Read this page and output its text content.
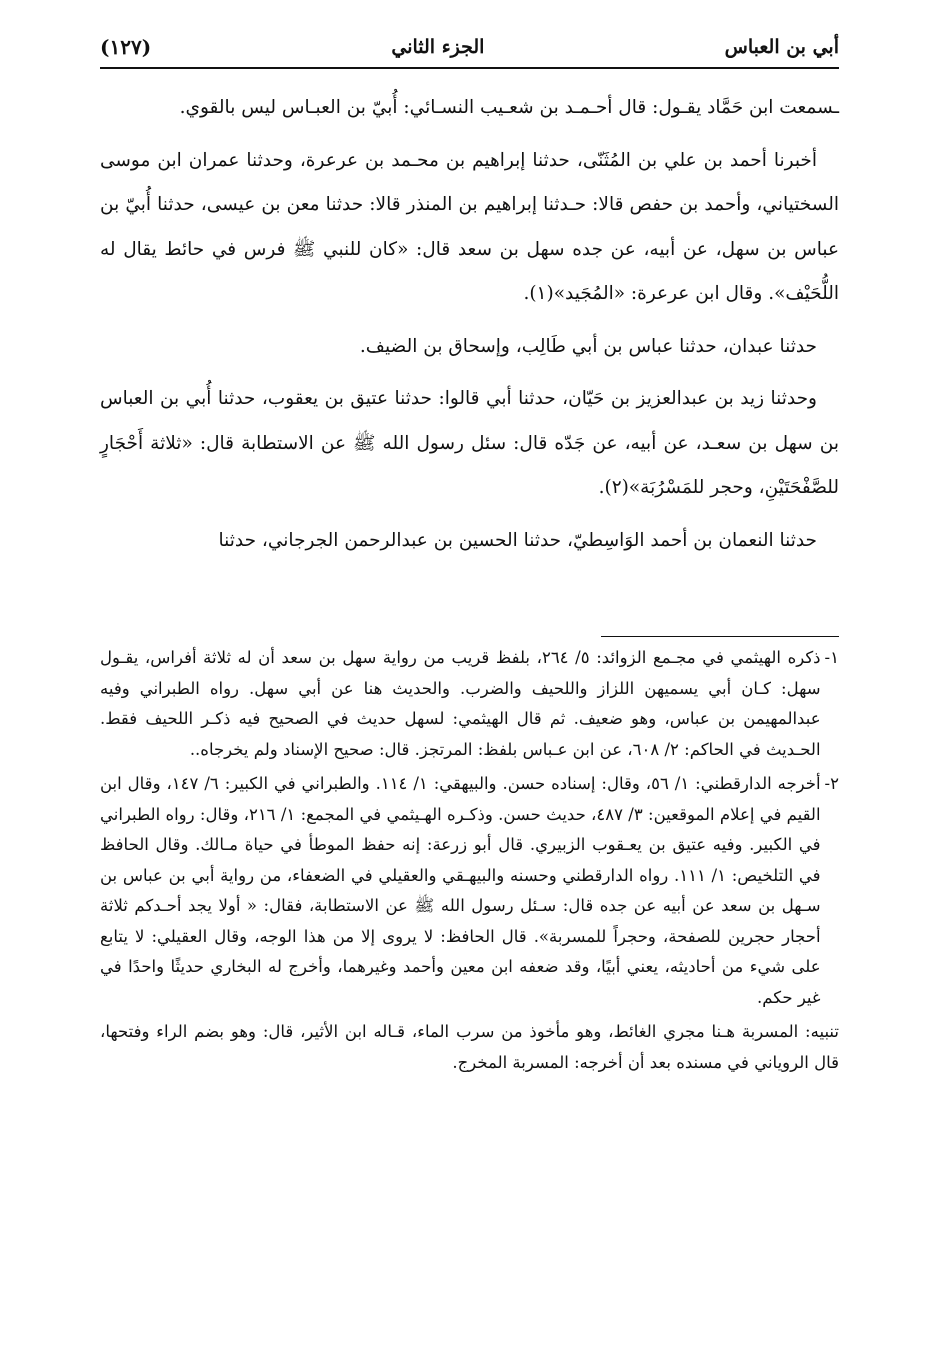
أبي بن العباس
الجزء الثاني
(١٢٧)

ـسمعت ابن حَمَّاد يقـول: قال أحـمـد بن شعـيب النسـائي: أُبيّ بن العبـاس ليس بالقوي.

أخبرنا أحمد بن علي بن المُثَنّى، حدثنا إبراهيم بن محـمد بن عرعرة، وحدثنا عمران ابن موسى السختياني، وأحمد بن حفص قالا: حـدثنا إبراهيم بن المنذر قالا: حدثنا معن بن عيسى، حدثنا أُبيّ بن عباس بن سهل، عن أبيه، عن جده سهل بن سعد قال: «كان للنبي ﷺ فرس في حائط يقال له اللُّحَيْف». وقال ابن عرعرة: «المُجَيد»(١).

حدثنا عبدان، حدثنا عباس بن أبي طَالِب، وإسحاق بن الضيف.

وحدثنا زيد بن عبدالعزيز بن حَيّان، حدثنا أبي قالوا: حدثنا عتيق بن يعقوب، حدثنا أُبي بن العباس بن سهل بن سعـد، عن أبيه، عن جَدّه قال: سئل رسول الله ﷺ عن الاستطابة قال: «ثلاثة أَحْجَارٍ للصَّفْحَتَيْنِ، وحجر للمَسْرُبَة»(٢).

حدثنا النعمان بن أحمد الوَاسِطيّ، حدثنا الحسين بن عبدالرحمن الجرجاني، حدثنا

١-
ذكره الهيثمي في مجـمع الزوائد: ٥/ ٢٦٤، بلفظ قريب من رواية سهل بن سعد أن له ثلاثة أفراس، يقـول سهل: كـان أبي يسميهن اللزاز واللحيف والضرب. والحديث هنا عن أبي سهل. رواه الطبراني وفيه عبدالمهيمن بن عباس، وهو ضعيف. ثم قال الهيثمي: لسهل حديث في الصحيح فيه ذكـر اللحيف فقط. الحـديث في الحاكم: ٢/ ٦٠٨، عن ابن عـباس بلفظ: المرتجز. قال: صحيح الإسناد ولم يخرجاه..
٢-
أخرجه الدارقطني: ١/ ٥٦، وقال: إسناده حسن. والبيهقي: ١/ ١١٤. والطبراني في الكبير: ٦/ ١٤٧، وقال ابن القيم في إعلام الموقعين: ٣/ ٤٨٧، حديث حسن. وذكـره الهـيثمي في المجمع: ١/ ٢١٦، وقال: رواه الطبراني في الكبير. وفيه عتيق بن يعـقوب الزبيري. قال أبو زرعة: إنه حفظ الموطأ في حياة مـالك. وقال الحافظ في التلخيص: ١/ ١١١. رواه الدارقطني وحسنه والبيهـقي والعقيلي في الضعفاء، من رواية أبي بن عباس بن سـهل بن سعد عن أبيه عن جده قال: سـئل رسول الله ﷺ عن الاستطابة، فقال: « أولا يجد أحـدكم ثلاثة أحجار حجرين للصفحة، وحجراً للمسربة». قال الحافظ: لا يروى إلا من هذا الوجه، وقال العقيلي: لا يتابع على شيء من أحاديثه، يعني أبيًا، وقد ضعفه ابن معين وأحمد وغيرهما، وأخرج له البخاري حديثًا واحدًا في غير حكم.

تنبيه: المسربة هـنا مجري الغائط، وهو مأخوذ من سرب الماء، قـاله ابن الأثير، قال: وهو بضم الراء وفتحها، قال الروياني في مسنده بعد أن أخرجه: المسربة المخرج.
